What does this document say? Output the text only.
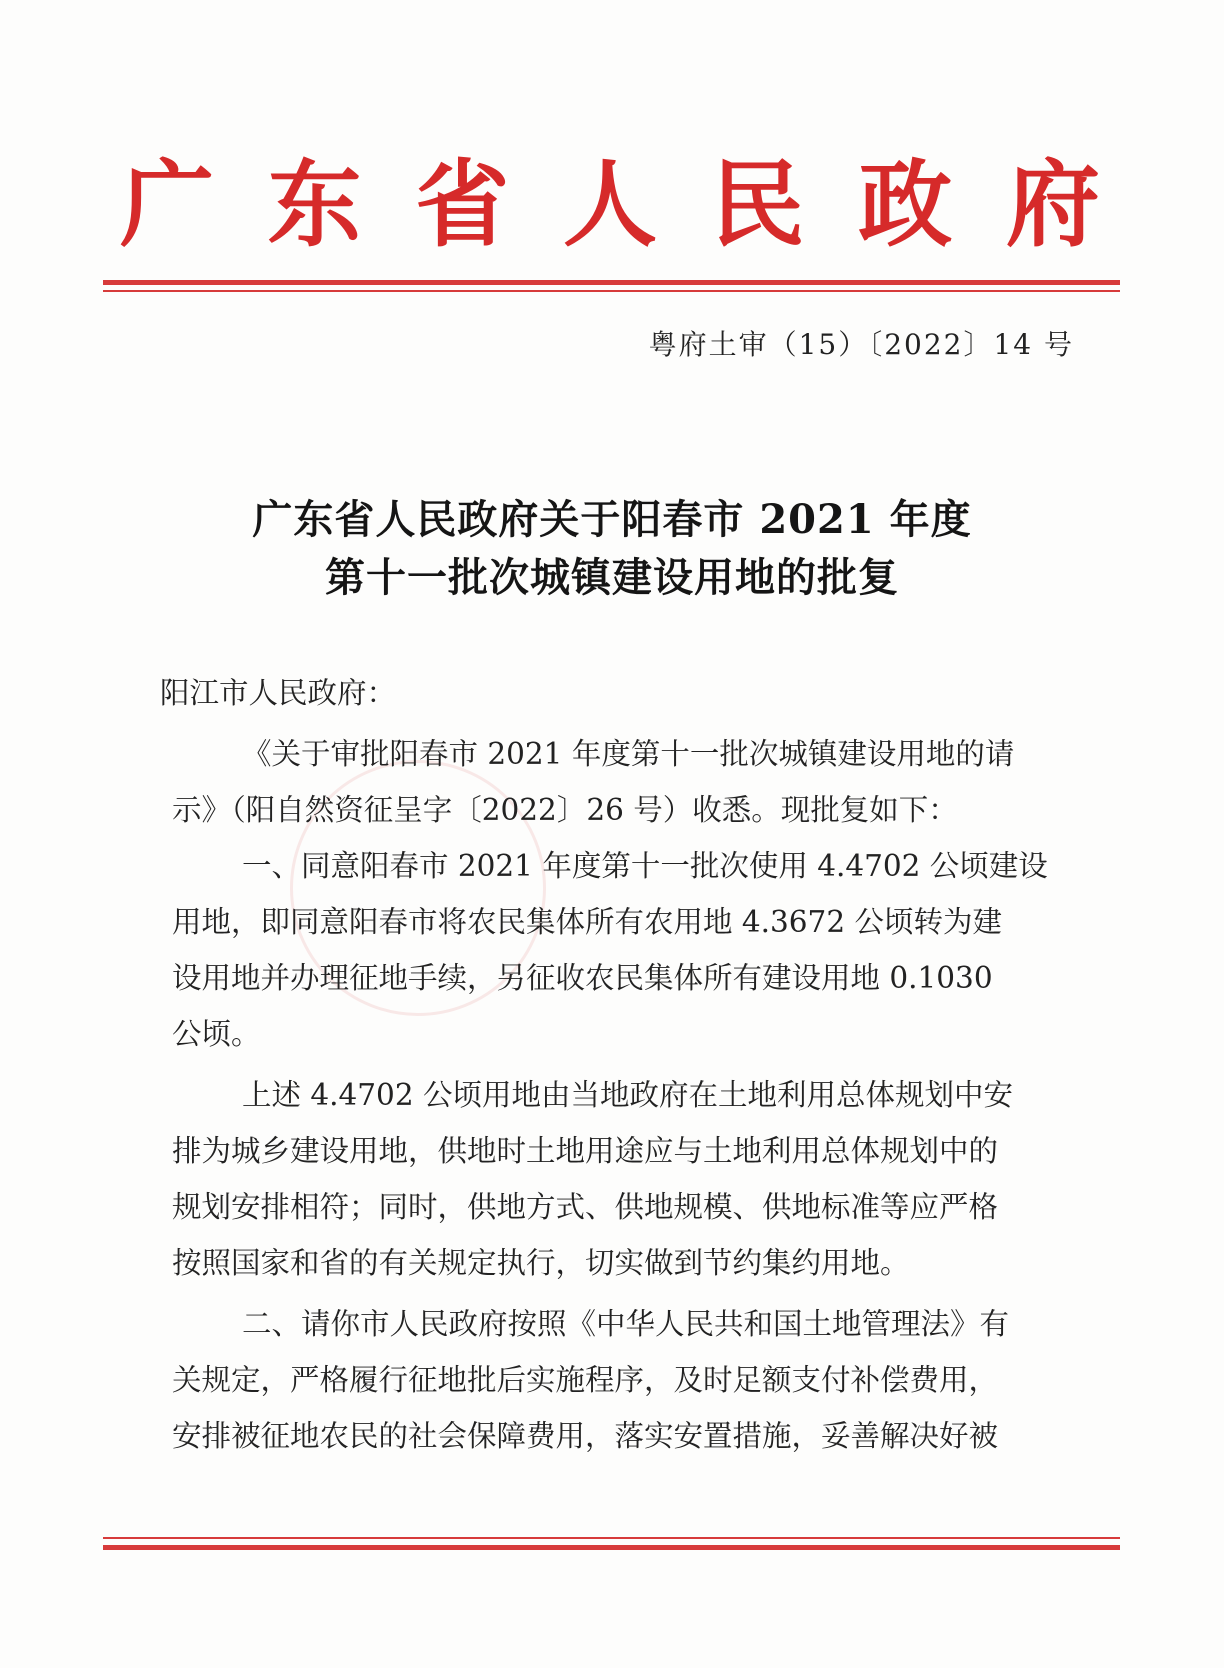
广 东 省 人 民 政 府
粤府土审（15）〔2022〕14 号
广东省人民政府关于阳春市 2021 年度
第十一批次城镇建设用地的批复
阳江市人民政府：
《关于审批阳春市 2021 年度第十一批次城镇建设用地的请
示》（阳自然资征呈字〔2022〕26 号）收悉。现批复如下：
一、同意阳春市 2021 年度第十一批次使用 4.4702 公顷建设
用地，即同意阳春市将农民集体所有农用地 4.3672 公顷转为建
设用地并办理征地手续，另征收农民集体所有建设用地 0.1030
公顷。
上述 4.4702 公顷用地由当地政府在土地利用总体规划中安
排为城乡建设用地，供地时土地用途应与土地利用总体规划中的
规划安排相符；同时，供地方式、供地规模、供地标准等应严格
按照国家和省的有关规定执行，切实做到节约集约用地。
二、请你市人民政府按照《中华人民共和国土地管理法》有
关规定，严格履行征地批后实施程序，及时足额支付补偿费用，
安排被征地农民的社会保障费用，落实安置措施，妥善解决好被
